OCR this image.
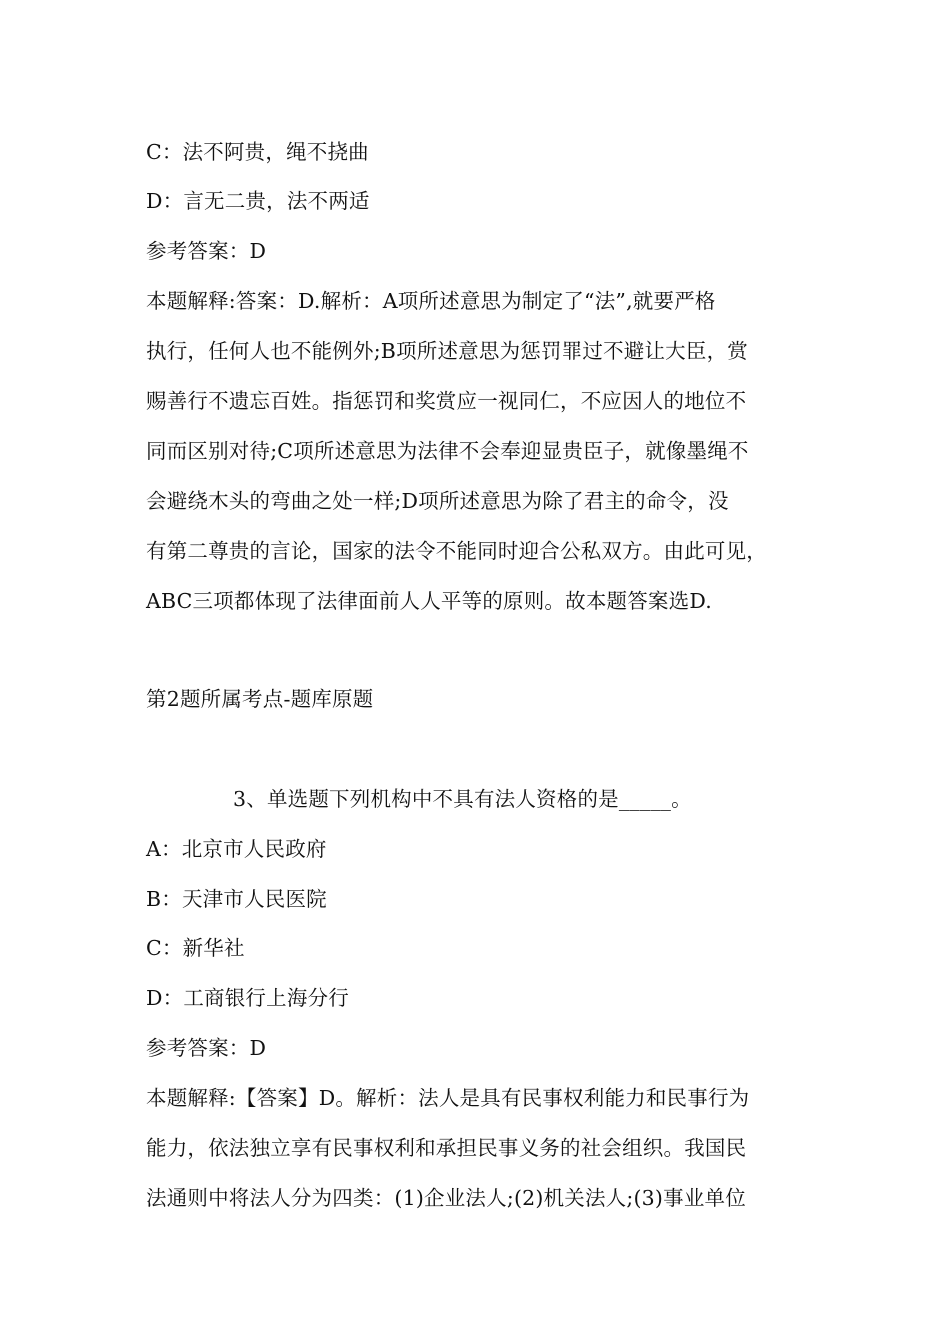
C：法不阿贵，绳不挠曲
D：言无二贵，法不两适
参考答案：D
本题解释:答案：D.解析：A项所述意思为制定了“法”,就要严格
执行，任何人也不能例外;B项所述意思为惩罚罪过不避让大臣，赏
赐善行不遗忘百姓。指惩罚和奖赏应一视同仁，不应因人的地位不
同而区别对待;C项所述意思为法律不会奉迎显贵臣子，就像墨绳不
会避绕木头的弯曲之处一样;D项所述意思为除了君主的命令，没
有第二尊贵的言论，国家的法令不能同时迎合公私双方。由此可见，
ABC三项都体现了法律面前人人平等的原则。故本题答案选D.
第2题所属考点-题库原题
3、单选题下列机构中不具有法人资格的是_____。
A：北京市人民政府
B：天津市人民医院
C：新华社
D：工商银行上海分行
参考答案：D
本题解释:【答案】D。解析：法人是具有民事权利能力和民事行为
能力，依法独立享有民事权利和承担民事义务的社会组织。我国民
法通则中将法人分为四类：(1)企业法人;(2)机关法人;(3)事业单位
